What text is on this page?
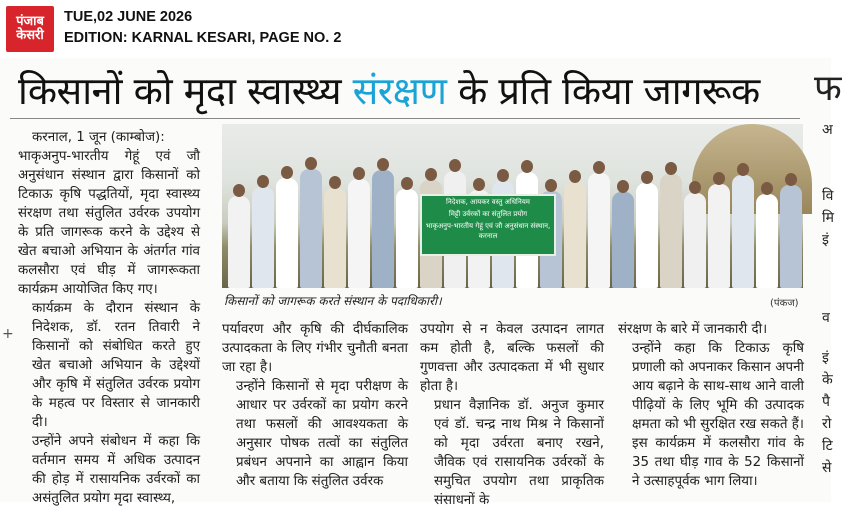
पंजाब
केसरी
TUE,02 JUNE 2026
EDITION: KARNAL KESARI, PAGE NO. 2
किसानों को मृदा स्वास्थ्य संरक्षण के प्रति किया जागरूक
+

करनाल, 1 जून (काम्बोज):

भाकृअनुप-भारतीय गेहूं एवं जौ अनुसंधान संस्थान द्वारा किसानों को टिकाऊ कृषि पद्धतियों, मृदा स्वास्थ्य संरक्षण तथा संतुलित उर्वरक उपयोग के प्रति जागरूक करने के उद्देश्य से खेत बचाओ अभियान के अंतर्गत गांव कलसौरा एवं घीड़ में जागरूकता कार्यक्रम आयोजित किए गए।

कार्यक्रम के दौरान संस्थान के निदेशक, डॉ. रतन तिवारी ने किसानों को संबोधित करते हुए खेत बचाओ अभियान के उद्देश्यों और कृषि में संतुलित उर्वरक प्रयोग के महत्व पर विस्तार से जानकारी दी।

उन्होंने अपने संबोधन में कहा कि वर्तमान समय में अधिक उत्पादन की होड़ में रासायनिक उर्वरकों का असंतुलित प्रयोग मृदा स्वास्थ्य,

निदेशक, आयकर वस्तु अधिनियम
मिट्टी उर्वरकों का संतुलित प्रयोग
भाकृअनुप-भारतीय गेहूं एवं जौ अनुसंधान संस्थान, करनाल
किसानों को जागरूक करते संस्थान के पदाधिकारी।	(पंकज)

पर्यावरण और कृषि की दीर्घकालिक उत्पादकता के लिए गंभीर चुनौती बनता जा रहा है।

उन्होंने किसानों से मृदा परीक्षण के आधार पर उर्वरकों का प्रयोग करने तथा फसलों की आवश्यकता के अनुसार पोषक तत्वों का संतुलित प्रबंधन अपनाने का आह्वान किया और बताया कि संतुलित उर्वरक

उपयोग से न केवल उत्पादन लागत कम होती है, बल्कि फसलों की गुणवत्ता और उत्पादकता में भी सुधार होता है।

प्रधान वैज्ञानिक डॉ. अनुज कुमार एवं डॉ. चन्द्र नाथ मिश्र ने किसानों को मृदा उर्वरता बनाए रखने, जैविक एवं रासायनिक उर्वरकों के समुचित उपयोग तथा प्राकृतिक संसाधनों के

संरक्षण के बारे में जानकारी दी।

उन्होंने कहा कि टिकाऊ कृषि प्रणाली को अपनाकर किसान अपनी आय बढ़ाने के साथ-साथ आने वाली पीढ़ियों के लिए भूमि की उत्पादक क्षमता को भी सुरक्षित रख सकते हैं। इस कार्यक्रम में कलसौरा गांव के 35 तथा घीड़ गाव के 52 किसानों ने उत्साहपूर्वक भाग लिया।

फ
अ
वि
मि
इं
व
इं
के
पै
रो
टि
से
